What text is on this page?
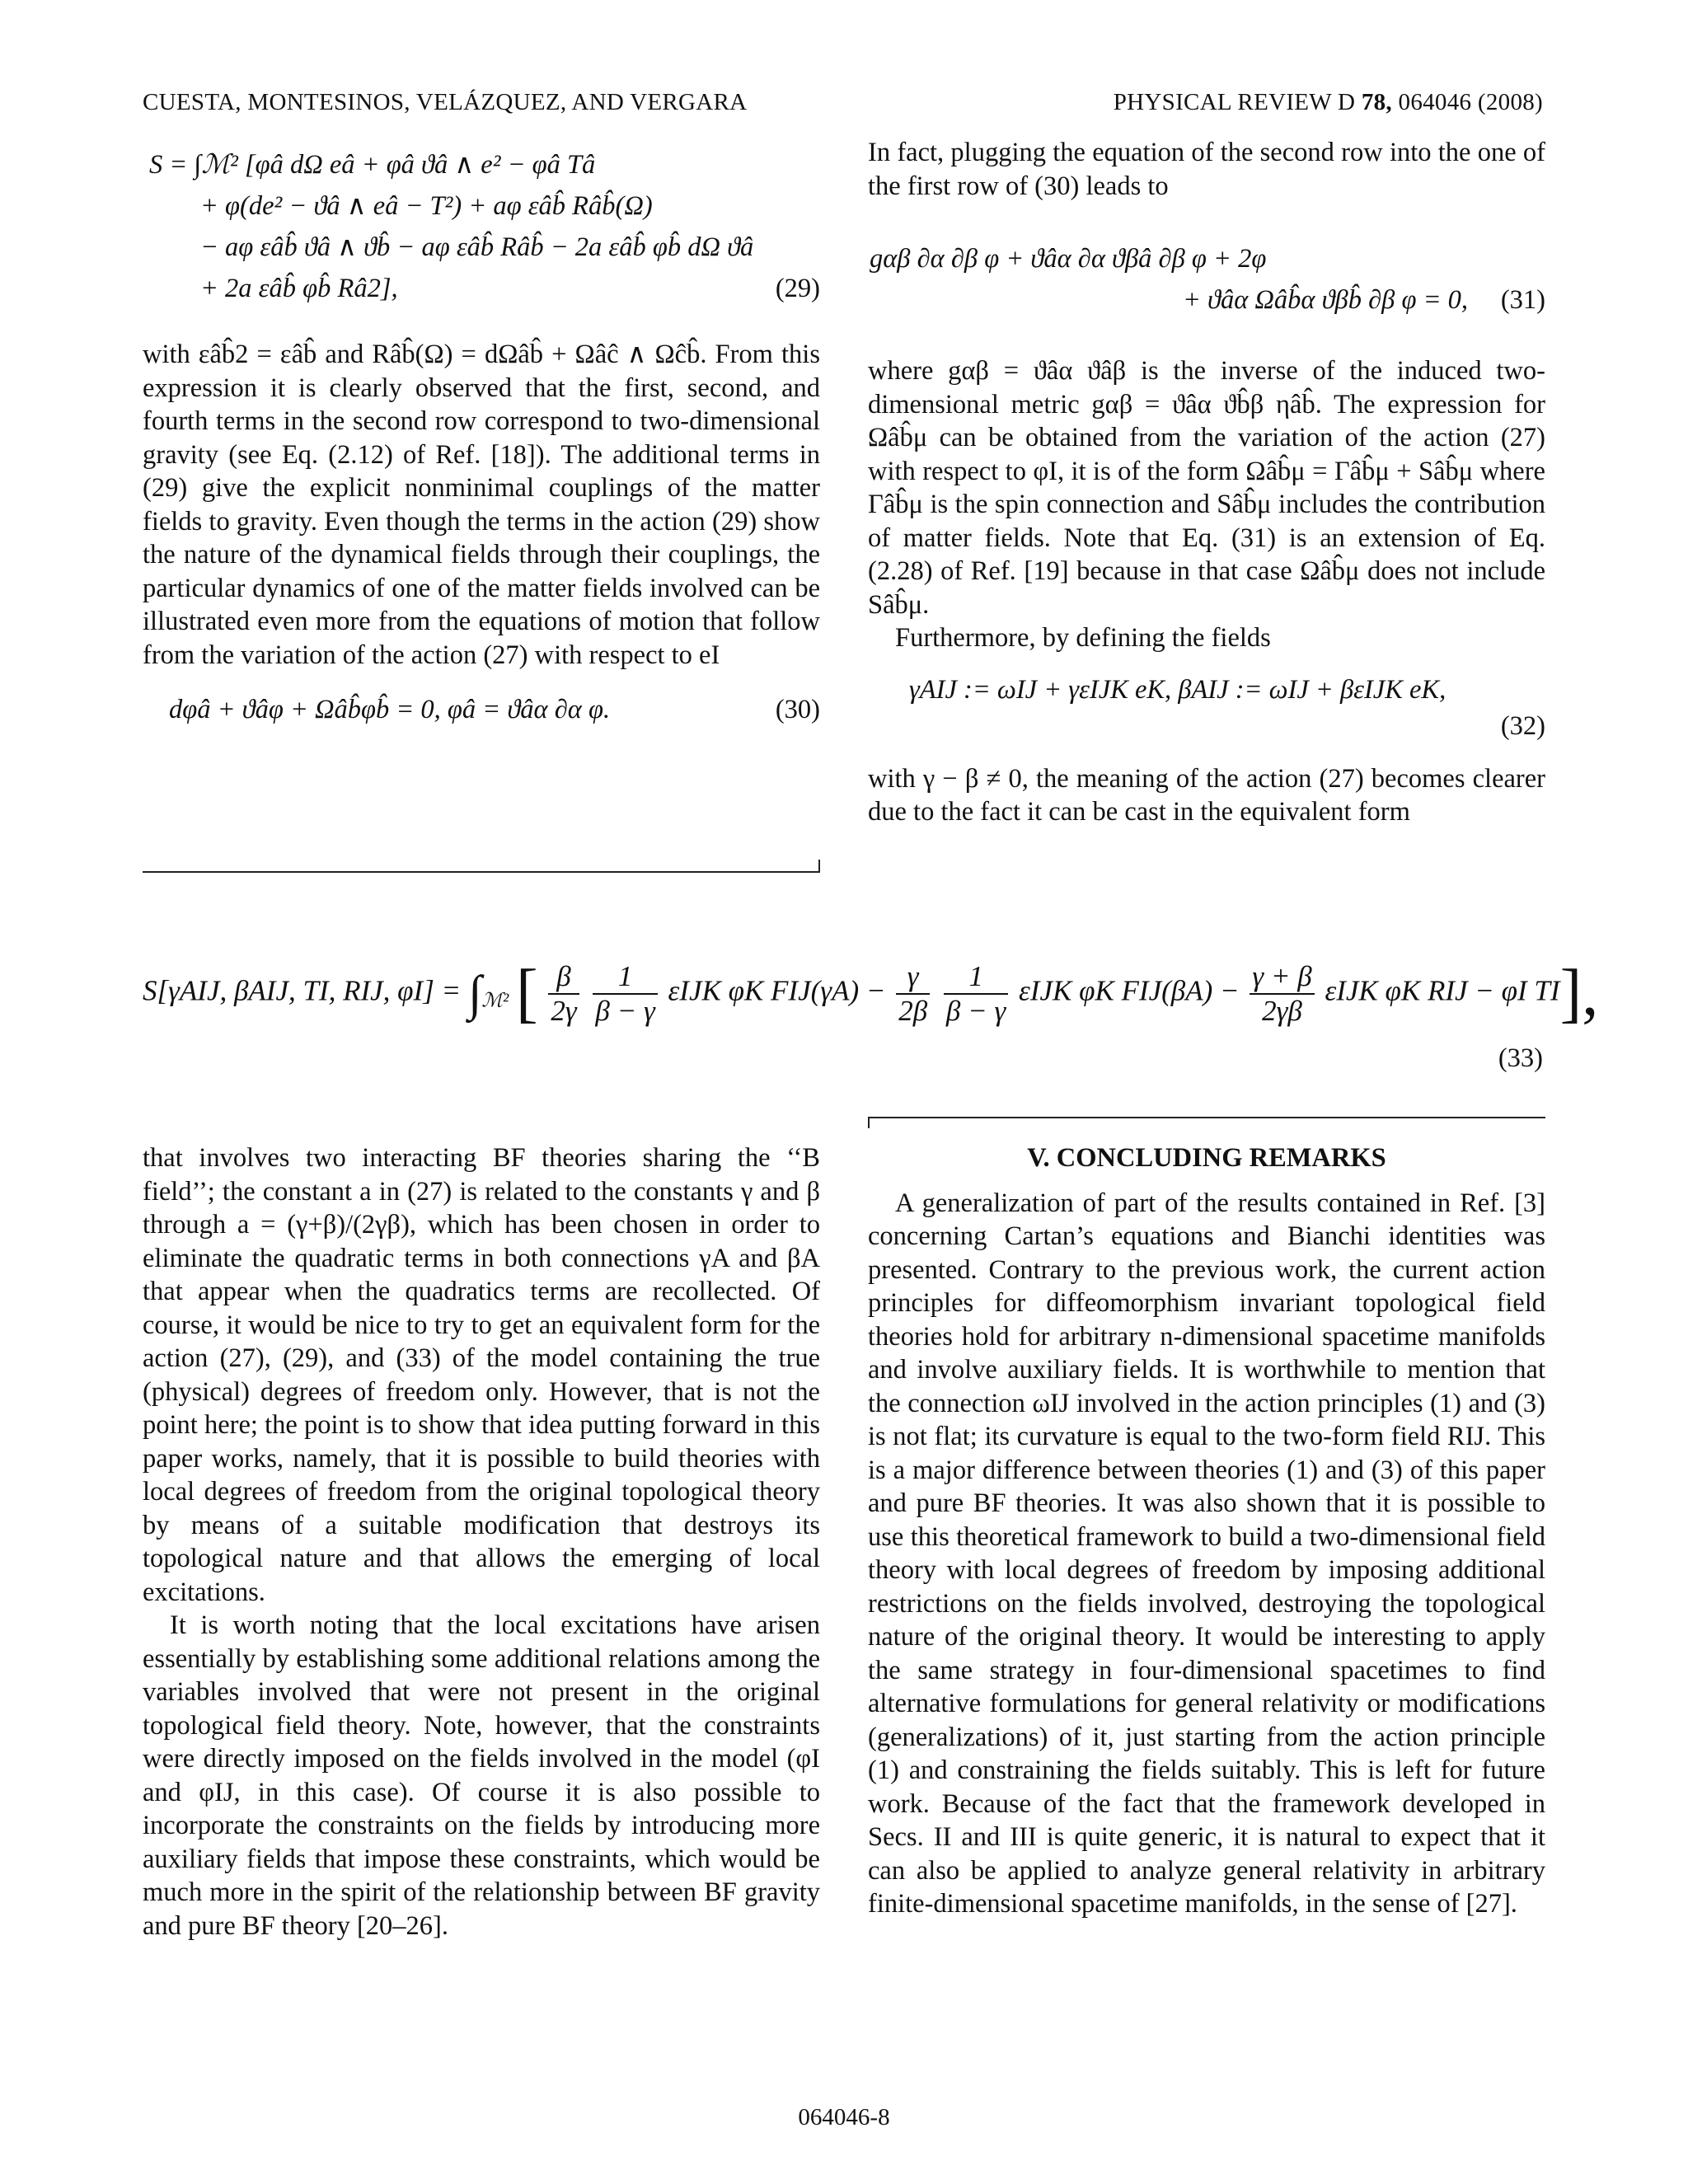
CUESTA, MONTESINOS, VELÁZQUEZ, AND VERGARA	PHYSICAL REVIEW D 78, 064046 (2008)
S = ∫ℳ² [φâ dΩ eâ + φâ ϑâ ∧ e² − φâ Tâ
+ φ(de² − ϑâ ∧ eâ − T²) + aφ εâb̂ Râb̂(Ω)
− aφ εâb̂ ϑâ ∧ ϑb̂ − aφ εâb̂ Râb̂ − 2a εâb̂ φb̂ dΩ ϑâ
+ 2a εâb̂ φb̂ Râ2],	(29)

with εâb̂2 = εâb̂ and Râb̂(Ω) = dΩâb̂ + Ωâĉ ∧ Ωĉb̂. From this expression it is clearly observed that the first, second, and fourth terms in the second row correspond to two-dimensional gravity (see Eq. (2.12) of Ref. [18]). The additional terms in (29) give the explicit nonminimal couplings of the matter fields to gravity. Even though the terms in the action (29) show the nature of the dynamical fields through their couplings, the particular dynamics of one of the matter fields involved can be illustrated even more from the equations of motion that follow from the variation of the action (27) with respect to eI

dφâ + ϑâφ + Ωâb̂φb̂ = 0, φâ = ϑâα ∂α φ.	(30)

In fact, plugging the equation of the second row into the one of the first row of (30) leads to

gαβ ∂α ∂β φ + ϑâα ∂α ϑβâ ∂β φ + 2φ
+ ϑâα Ωâb̂α ϑβb̂ ∂β φ = 0, (31)

where gαβ = ϑâα ϑâβ is the inverse of the induced two-dimensional metric gαβ = ϑâα ϑb̂β ηâb̂. The expression for Ωâb̂μ can be obtained from the variation of the action (27) with respect to φI, it is of the form Ωâb̂μ = Γâb̂μ + Sâb̂μ where Γâb̂μ is the spin connection and Sâb̂μ includes the contribution of matter fields. Note that Eq. (31) is an extension of Eq. (2.28) of Ref. [19] because in that case Ωâb̂μ does not include Sâb̂μ.

Furthermore, by defining the fields

γAIJ := ωIJ + γεIJK eK, βAIJ := ωIJ + βεIJK eK,
(32)

with γ − β ≠ 0, the meaning of the action (27) becomes clearer due to the fact it can be cast in the equivalent form

S[γAIJ, βAIJ, TI, RIJ, $\varphi I] = \int_{ℳ^2}$ [ $\frac{\beta}{2\gamma}$
$\frac{1}{\beta - \gamma}$ εIJK φK $FIJ(\gamma A) - \frac{\gamma}{2\beta}$
$\frac{1}{\beta - \gamma}$ εIJK φK $FIJ(\beta A) - \frac{\gamma + \beta}{2\gamma\beta}$ εIJK φK RIJ − φI TI],
(33)

that involves two interacting BF theories sharing the ‘‘B field’’; the constant a in (27) is related to the constants γ and β through a = (γ+β)/(2γβ), which has been chosen in order to eliminate the quadratic terms in both connections γA and βA that appear when the quadratics terms are recollected. Of course, it would be nice to try to get an equivalent form for the action (27), (29), and (33) of the model containing the true (physical) degrees of freedom only. However, that is not the point here; the point is to show that idea putting forward in this paper works, namely, that it is possible to build theories with local degrees of freedom from the original topological theory by means of a suitable modification that destroys its topological nature and that allows the emerging of local excitations.

It is worth noting that the local excitations have arisen essentially by establishing some additional relations among the variables involved that were not present in the original topological field theory. Note, however, that the constraints were directly imposed on the fields involved in the model (φI and φIJ, in this case). Of course it is also possible to incorporate the constraints on the fields by introducing more auxiliary fields that impose these constraints, which would be much more in the spirit of the relationship between BF gravity and pure BF theory [20–26].

V. CONCLUDING REMARKS

A generalization of part of the results contained in Ref. [3] concerning Cartan’s equations and Bianchi identities was presented. Contrary to the previous work, the current action principles for diffeomorphism invariant topological field theories hold for arbitrary n-dimensional spacetime manifolds and involve auxiliary fields. It is worthwhile to mention that the connection ωIJ involved in the action principles (1) and (3) is not flat; its curvature is equal to the two-form field RIJ. This is a major difference between theories (1) and (3) of this paper and pure BF theories. It was also shown that it is possible to use this theoretical framework to build a two-dimensional field theory with local degrees of freedom by imposing additional restrictions on the fields involved, destroying the topological nature of the original theory. It would be interesting to apply the same strategy in four-dimensional spacetimes to find alternative formulations for general relativity or modifications (generalizations) of it, just starting from the action principle (1) and constraining the fields suitably. This is left for future work. Because of the fact that the framework developed in Secs. II and III is quite generic, it is natural to expect that it can also be applied to analyze general relativity in arbitrary finite-dimensional spacetime manifolds, in the sense of [27].

064046-8
